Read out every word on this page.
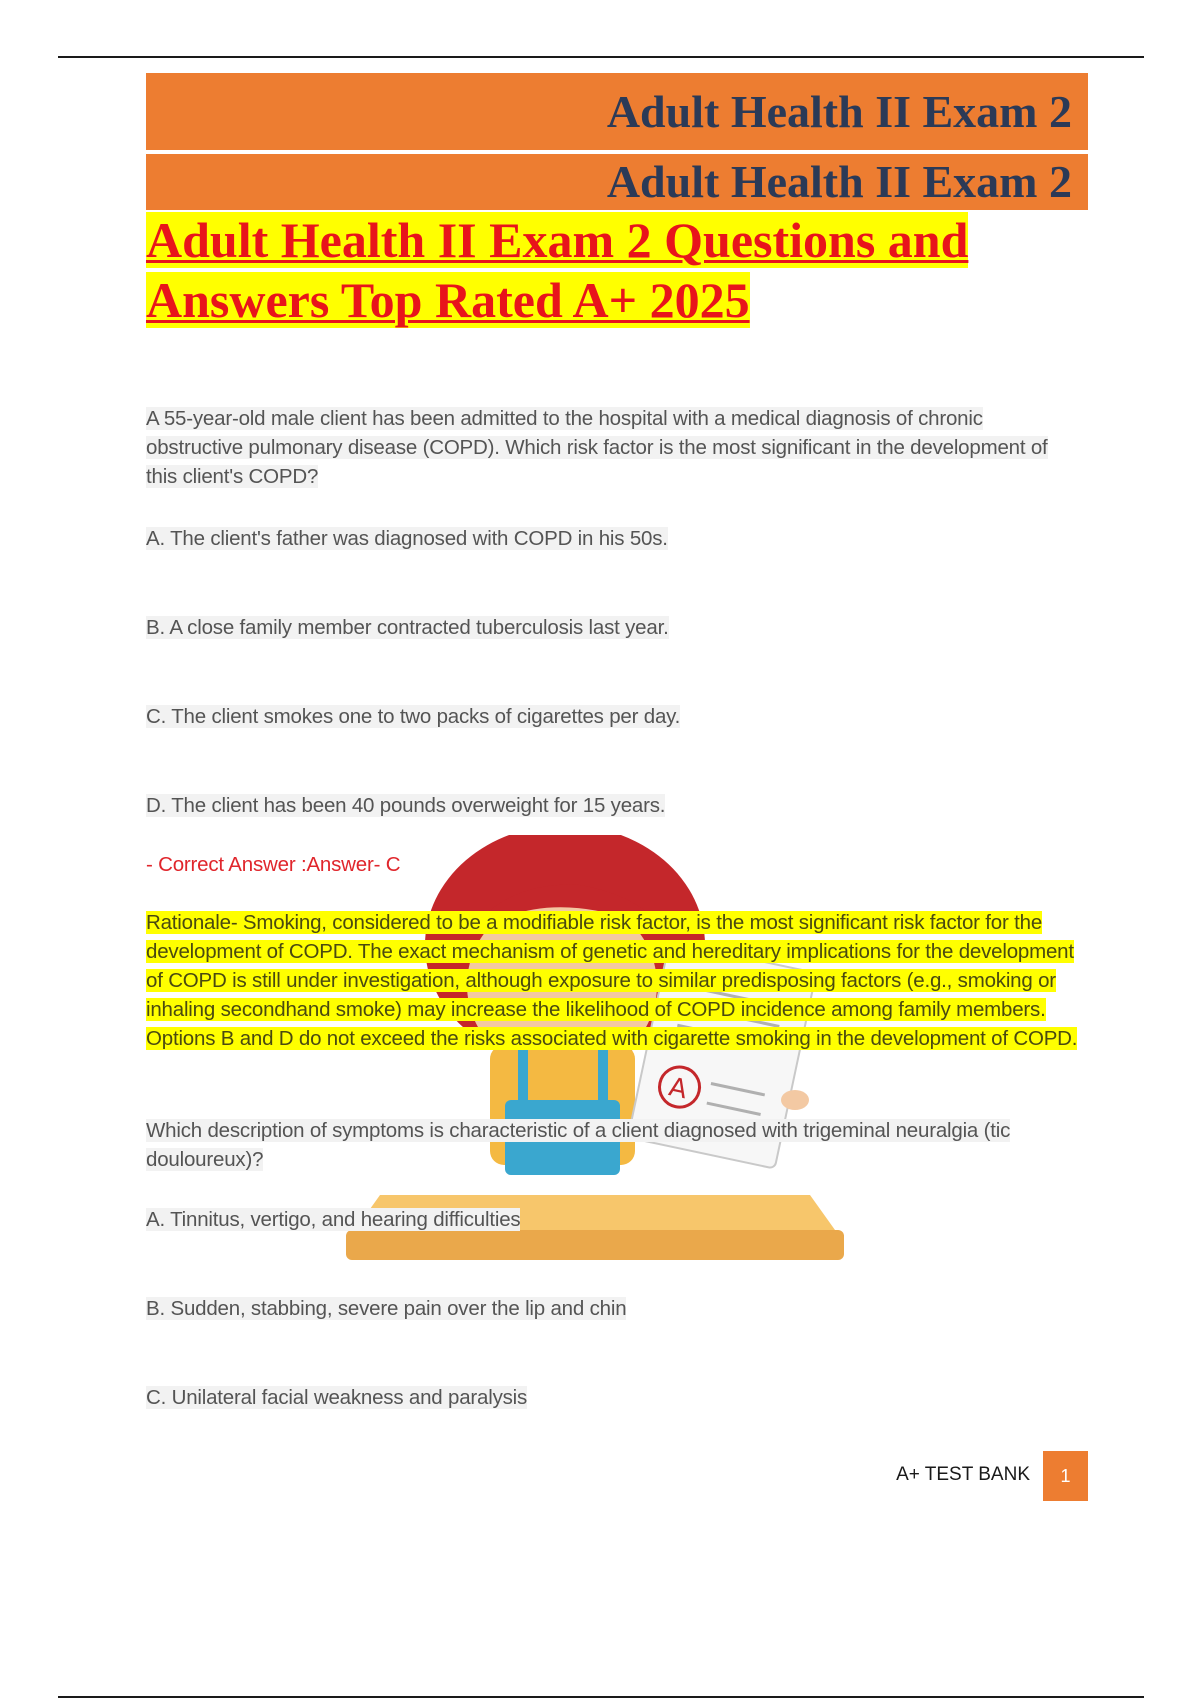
Adult Health II Exam 2
Adult Health II Exam 2
Adult Health II Exam 2 Questions and Answers Top Rated A+ 2025
A

A 55-year-old male client has been admitted to the hospital with a medical diagnosis of chronic obstructive pulmonary disease (COPD). Which risk factor is the most significant in the development of this client's COPD?

A. The client's father was diagnosed with COPD in his 50s.

B. A close family member contracted tuberculosis last year.

C. The client smokes one to two packs of cigarettes per day.

D. The client has been 40 pounds overweight for 15 years.

- Correct Answer :Answer- C

Rationale- Smoking, considered to be a modifiable risk factor, is the most significant risk factor for the development of COPD. The exact mechanism of genetic and hereditary implications for the development of COPD is still under investigation, although exposure to similar predisposing factors (e.g., smoking or inhaling secondhand smoke) may increase the likelihood of COPD incidence among family members. Options B and D do not exceed the risks associated with cigarette smoking in the development of COPD.

Which description of symptoms is characteristic of a client diagnosed with trigeminal neuralgia (tic douloureux)?

A. Tinnitus, vertigo, and hearing difficulties

B. Sudden, stabbing, severe pain over the lip and chin

C. Unilateral facial weakness and paralysis

A+ TEST BANK	1
